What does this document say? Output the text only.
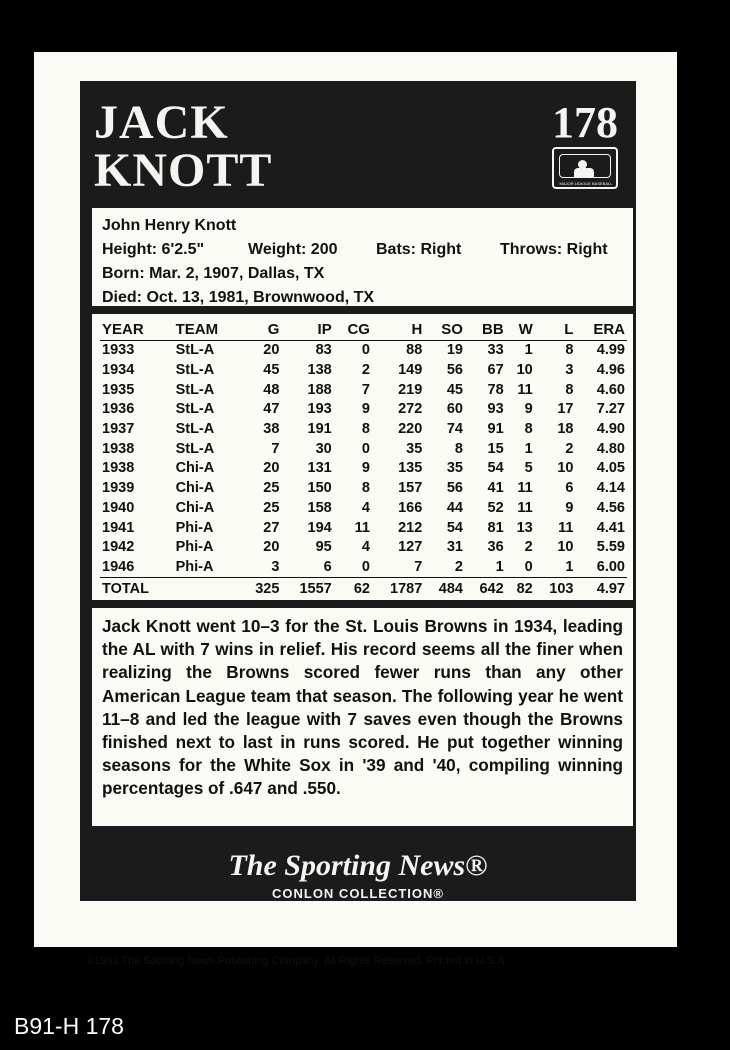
JACK
KNOTT
178
MAJOR LEAGUE BASEBALL
John Henry Knott
Height: 6'2.5"	Weight: 200 Bats: Right Throws: Right
Born: Mar. 2, 1907, Dallas, TX
Died: Oct. 13, 1981, Brownwood, TX
YEAR	TEAM	G	IP	CG	H	SO	BB	W	L	ERA
1933	StL-A	20	83	0	88	19	33	1	8	4.99
1934	StL-A	45	138	2	149	56	67	10	3	4.96
1935	StL-A	48	188	7	219	45	78	11	8	4.60
1936	StL-A	47	193	9	272	60	93	9	17	7.27
1937	StL-A	38	191	8	220	74	91	8	18	4.90
1938	StL-A	7	30	0	35	8	15	1	2	4.80
1938	Chi-A	20	131	9	135	35	54	5	10	4.05
1939	Chi-A	25	150	8	157	56	41	11	6	4.14
1940	Chi-A	25	158	4	166	44	52	11	9	4.56
1941	Phi-A	27	194	11	212	54	81	13	11	4.41
1942	Phi-A	20	95	4	127	31	36	2	10	5.59
1946	Phi-A	3	6	0	7	2	1	0	1	6.00
TOTAL		325	1557	62	1787	484	642	82	103	4.97
Jack Knott went 10–3 for the St. Louis Browns in 1934, leading the AL with 7 wins in relief. His record seems all the finer when realizing the Browns scored fewer runs than any other American League team that season. The following year he went 11–8 and led the league with 7 saves even though the Browns finished next to last in runs scored. He put together winning seasons for the White Sox in '39 and '40, compiling winning percentages of .647 and .550.
The Sporting News®
CONLON COLLECTION®
©1991 The Sporting News Publishing Company. All Rights Reserved. Printed in U.S.A.
B91-H 178
